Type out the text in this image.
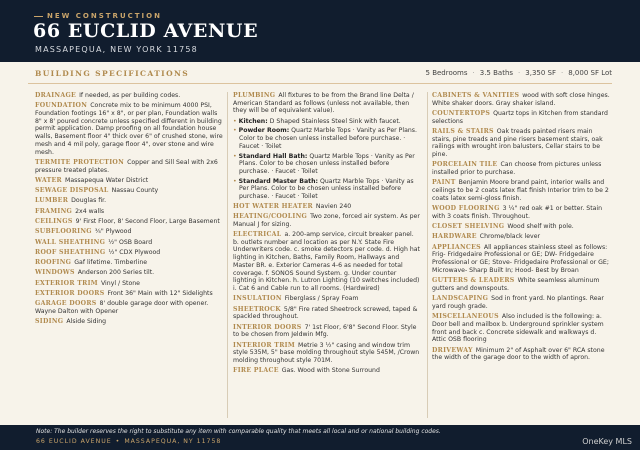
NEW CONSTRUCTION
66 EUCLID AVENUE
MASSAPEQUA, NEW YORK 11758
BUILDING SPECIFICATIONS	5 Bedrooms · 3.5 Baths · 3,350 SF · 8,000 SF Lot
DRAINAGE If needed, as per building codes.
FOUNDATION Concrete mix to be minimum 4000 PSI, Foundation footings 16" x 8", or per plan, Foundation walls 8" x 8' poured concrete unless specified different in building permit application. Damp proofing on all foundation house walls, Basement floor 4" thick over 6" of crushed stone, wire mesh and 4 mil poly, garage floor 4", over stone and wire mesh.
TERMITE PROTECTION Copper and Sill Seal with 2x6 pressure treated plates.
WATER Massapequa Water District
SEWAGE DISPOSAL Nassau County
LUMBER Douglas fir.
FRAMING 2x4 walls
CEILINGS 9' First Floor, 8' Second Floor, Large Basement
SUBFLOORING ¾" Plywood
WALL SHEATHING ½" OSB Board
ROOF SHEATHING ½" CDX Plywood
ROOFING Gaf lifetime. Timberline
WINDOWS Anderson 200 Series tilt.
EXTERIOR TRIM Vinyl / Stone
EXTERIOR DOORS Front 36" Main with 12" Sidelights
GARAGE DOORS 8' double garage door with opener. Wayne Dalton with Opener
SIDING Alside Siding
PLUMBING All fixtures to be from the Brand line Delta / American Standard as follows (unless not available, then they will be of equivalent value).
• Kitchen: D Shaped Stainless Steel Sink with faucet.
• Powder Room: Quartz Marble Tops · Vanity as Per Plans. Color to be chosen unless installed before purchase. · Faucet · Toilet
• Standard Hall Bath: Quartz Marble Tops · Vanity as Per Plans. Color to be chosen unless installed before purchase. · Faucet · Toilet
• Standard Master Bath: Quartz Marble Tops · Vanity as Per Plans. Color to be chosen unless installed before purchase. · Faucet · Toilet
HOT WATER HEATER Navien 240
HEATING/COOLING Two zone, forced air system. As per Manual J for sizing.
ELECTRICAL a. 200-amp service, circuit breaker panel. b. outlets number and location as per N.Y. State Fire Underwriters code. c. smoke detectors per code. d. High hat lighting in Kitchen, Baths, Family Room, Hallways and Master BR. e. Exterior Cameras 4-6 as needed for total coverage. f. SONOS Sound System. g. Under counter lighting in Kitchen. h. Lutron Lighting (10 switches included) i. Cat 6 and Cable run to all rooms. (Hardwired)
INSULATION Fiberglass / Spray Foam
SHEETROCK 5/8" Fire rated Sheetrock screwed, taped & spackled throughout.
INTERIOR DOORS 7' 1st Floor, 6'8" Second Floor. Style to be chosen from Jeldwin Mfg.
INTERIOR TRIM Metrie 3 ½" casing and window trim style 535M, 5" base molding throughout style 545M, /Crown molding throughout style 701M.
FIRE PLACE Gas. Wood with Stone Surround
CABINETS & VANITIES wood with soft close hinges. White shaker doors. Gray shaker island.
COUNTERTOPS Quartz tops in Kitchen from standard selections
RAILS & STAIRS Oak treads painted risers main stairs, pine treads and pine risers basement stairs, oak railings with wrought iron balusters, Cellar stairs to be pine.
PORCELAIN TILE Can choose from pictures unless installed prior to purchase.
PAINT Benjamin Moore brand paint, interior walls and ceilings to be 2 coats latex flat finish Interior trim to be 2 coats latex semi-gloss finish.
WOOD FLOORING 3 ¼" red oak #1 or better. Stain with 3 coats finish. Throughout.
CLOSET SHELVING Wood shelf with pole.
HARDWARE Chrome/black lever
APPLIANCES All appliances stainless steel as follows: Frig- Fridgedaire Professional or GE; DW- Fridgedaire Professional or GE; Stove- Fridgedaire Professional or GE; Microwave- Sharp Built In; Hood- Best by Broan
GUTTERS & LEADERS White seamless aluminum gutters and downspouts.
LANDSCAPING Sod in front yard. No plantings. Rear yard rough grade.
MISCELLANEOUS Also included is the following: a. Door bell and mailbox b. Underground sprinkler system front and back c. Concrete sidewalk and walkways d. Attic OSB flooring
DRIVEWAY Minimum 2" of Asphalt over 6" RCA stone the width of the garage door to the width of apron.
Note: The builder reserves the right to substitute any item with comparable quality that meets all local and or national building codes.
66 EUCLID AVENUE • MASSAPEQUA, NY 11758	OneKey MLS
